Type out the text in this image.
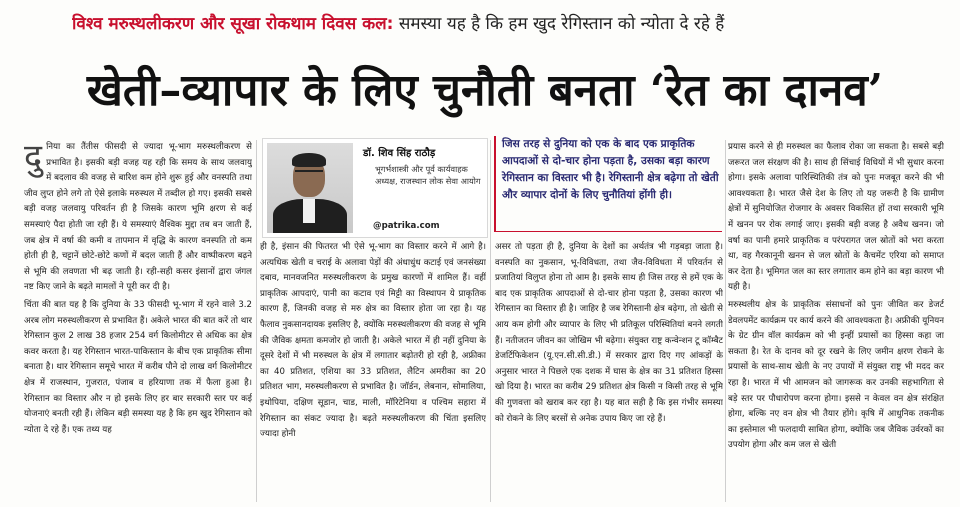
विश्व मरुस्थलीकरण और सूखा रोकथाम दिवस कल: समस्या यह है कि हम खुद रेगिस्तान को न्योता दे रहे हैं
खेती–व्यापार के लिए चुनौती बनता ‘रेत का दानव’
दु निया का तैंतीस फीसदी से ज्यादा भू-भाग मरुस्थलीकरण से प्रभावित है। इसकी बड़ी वजह यह रही कि समय के साथ जलवायु में बदलाव की वजह से बारिश कम होने शुरू हुई और वनस्पति तथा जीव लुप्त होने लगे तो ऐसे इलाके मरुस्थल में तब्दील हो गए। इसकी सबसे बड़ी वजह जलवायु परिवर्तन ही है जिसके कारण भूमि क्षरण से कई समस्याएं पैदा होती जा रही हैं। ये समस्याएं वैश्विक मुद्दा तब बन जाती हैं, जब क्षेत्र में वर्षा की कमी व तापमान में वृद्धि के कारण वनस्पति तो कम होती ही है, चट्टानें छोटे-छोटे कणों में बदल जाती हैं और वाष्पीकरण बढ़ने से भूमि की लवणता भी बढ़ जाती है। रही-सही कसर इंसानों द्वारा जंगल नष्ट किए जाने के बढ़ते मामलों ने पूरी कर दी है।

चिंता की बात यह है कि दुनिया के 33 फीसदी भू-भाग में रहने वाले 3.2 अरब लोग मरुस्थलीकरण से प्रभावित हैं। अकेले भारत की बात करें तो थार रेगिस्तान कुल 2 लाख 38 हजार 254 वर्ग किलोमीटर से अधिक का क्षेत्र कवर करता है। यह रेगिस्तान भारत-पाकिस्तान के बीच एक प्राकृतिक सीमा बनाता है। थार रेगिस्तान समूचे भारत में करीब पौने दो लाख वर्ग किलोमीटर क्षेत्र में राजस्थान, गुजरात, पंजाब व हरियाणा तक में फैला हुआ है। रेगिस्तान का विस्तार और न हो इसके लिए हर बार सरकारी स्तर पर कई योजनाएं बनती रही हैं। लेकिन बड़ी समस्या यह है कि हम खुद रेगिस्तान को न्योता दे रहे हैं। एक तथ्य यह

डॉ. शिव सिंह राठौड़
भूगर्भशास्त्री और पूर्व कार्यवाहक अध्यक्ष, राजस्थान लोक सेवा आयोग
@patrika.com

ही है, इंसान की फितरत भी ऐसे भू-भाग का विस्तार करने में आगे है। अत्यधिक खेती व चराई के अलावा पेड़ों की अंधाधुंध कटाई एवं जनसंख्या दबाव, मानवजनित मरुस्थलीकरण के प्रमुख कारणों में शामिल हैं। वहीं प्राकृतिक आपदाएं, पानी का कटाव एवं मिट्टी का विस्थापन ये प्राकृतिक कारण हैं, जिनकी वजह से मरु क्षेत्र का विस्तार होता जा रहा है। यह फैलाव नुकसानदायक इसलिए है, क्योंकि मरुस्थलीकरण की वजह से भूमि की जैविक क्षमता कमजोर हो जाती है। अकेले भारत में ही नहीं दुनिया के दूसरे देशों में भी मरुस्थल के क्षेत्र में लगातार बढ़ोतरी हो रही है, अफ्रीका का 40 प्रतिशत, एशिया का 33 प्रतिशत, लैटिन अमरीका का 20 प्रतिशत भाग, मरुस्थलीकरण से प्रभावित है। जॉर्डन, लेबनान, सोमालिया, इथोपिया, दक्षिण सूडान, चाड, माली, मॉरिटेनिया व पश्चिम सहारा में रेगिस्तान का संकट ज्यादा है। बढ़ते मरुस्थलीकरण की चिंता इसलिए ज्यादा होनी

जिस तरह से दुनिया को एक के बाद एक प्राकृतिक आपदाओं से दो-चार होना पड़ता है, उसका बड़ा कारण रेगिस्तान का विस्तार भी है। रेगिस्तानी क्षेत्र बढ़ेगा तो खेती और व्यापार दोनों के लिए चुनौतियां होंगी ही।

असर तो पड़ता ही है, दुनिया के देशों का अर्थतंत्र भी गड़बड़ा जाता है। वनस्पति का नुकसान, भू-विविधता, तथा जैव-विविधता में परिवर्तन से प्रजातियां विलुप्त होना तो आम है। इसके साथ ही जिस तरह से हमें एक के बाद एक प्राकृतिक आपदाओं से दो-चार होना पड़ता है, उसका कारण भी रेगिस्तान का विस्तार ही है। जाहिर है जब रेगिस्तानी क्षेत्र बढ़ेगा, तो खेती से आय कम होगी और व्यापार के लिए भी प्रतिकूल परिस्थितियां बनने लगती हैं। नतीजतन जीवन का जोखिम भी बढ़ेगा। संयुक्त राष्ट्र कन्वेन्शन टू कॉम्बैट डेजर्टिफिकेशन (यू.एन.सी.सी.डी.) में सरकार द्वारा दिए गए आंकड़ों के अनुसार भारत ने पिछले एक दशक में घास के क्षेत्र का 31 प्रतिशत हिस्सा खो दिया है। भारत का करीब 29 प्रतिशत क्षेत्र किसी न किसी तरह से भूमि की गुणवत्ता को खराब कर रहा है। यह बात सही है कि इस गंभीर समस्या को रोकने के लिए बरसों से अनेक उपाय किए जा रहे हैं।

प्रयास करने से ही मरुस्थल का फैलाव रोका जा सकता है। सबसे बड़ी जरूरत जल संरक्षण की है। साथ ही सिंचाई विधियों में भी सुधार करना होगा। इसके अलावा पारिस्थितिकी तंत्र को पुनः मजबूत करने की भी आवश्यकता है। भारत जैसे देश के लिए तो यह जरूरी है कि ग्रामीण क्षेत्रों में सुनियोजित रोजगार के अवसर विकसित हों तथा सरकारी भूमि में खनन पर रोक लगाई जाए। इसकी बड़ी वजह है अवैध खनन। जो वर्षा का पानी हमारे प्राकृतिक व परंपरागत जल स्रोतों को भरा करता था, वह गैरकानूनी खनन से जल स्रोतों के कैचमेंट एरिया को समाप्त कर देता है। भूमिगत जल का स्तर लगातार कम होने का बड़ा कारण भी यही है।

मरुस्थलीय क्षेत्र के प्राकृतिक संसाधनों को पुनः जीवित कर डेजर्ट डेवलपमेंट कार्यक्रम पर कार्य करने की आवश्यकता है। अफ्रीकी यूनियन के ग्रेट ग्रीन वॉल कार्यक्रम को भी इन्हीं प्रयासों का हिस्सा कहा जा सकता है। रेत के दानव को दूर रखने के लिए जमीन क्षरण रोकने के प्रयासों के साथ-साथ खेती के नए उपायों में संयुक्त राष्ट्र भी मदद कर रहा है। भारत में भी आमजन को जागरूक कर उनकी सहभागिता से बड़े स्तर पर पौधारोपण करना होगा। इससे न केवल वन क्षेत्र संरक्षित होगा, बल्कि नए वन क्षेत्र भी तैयार होंगे। कृषि में आधुनिक तकनीक का इस्तेमाल भी फलदायी साबित होगा, क्योंकि जब जैविक उर्वरकों का उपयोग होगा और कम जल से खेती
